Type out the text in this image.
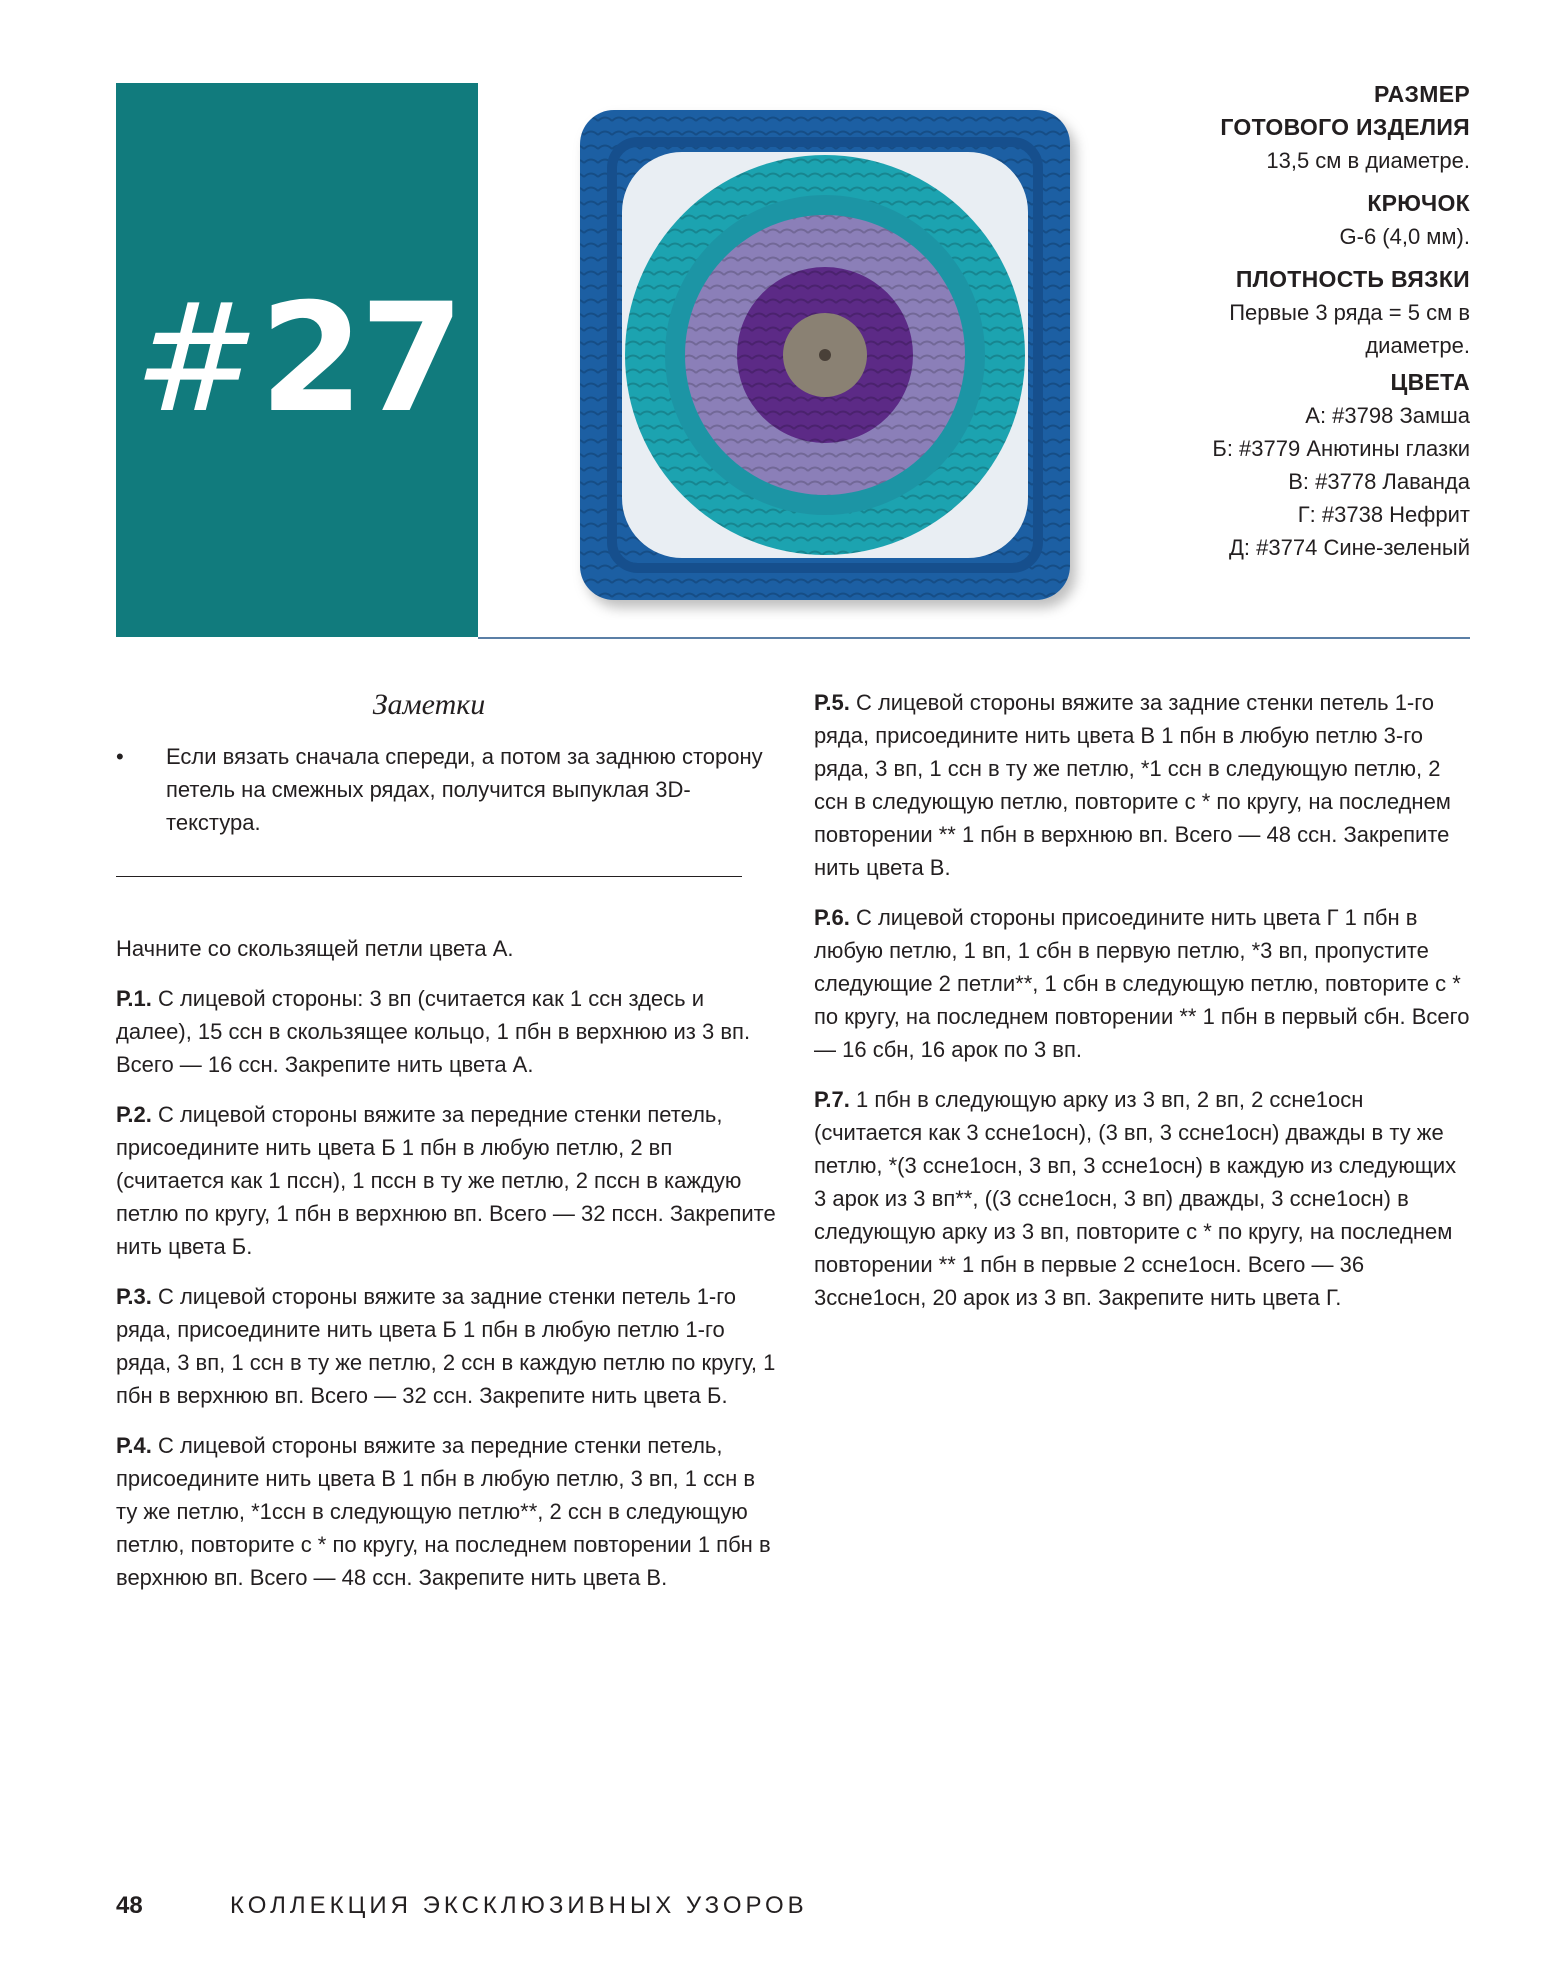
#27
РАЗМЕР
ГОТОВОГО ИЗДЕЛИЯ

13,5 см в диаметре.

КРЮЧОК

G-6 (4,0 мм).

ПЛОТНОСТЬ ВЯЗКИ

Первые 3 ряда = 5 см в
диаметре.

ЦВЕТА

А: #3798 Замша

Б: #3779 Анютины глазки

В: #3778 Лаванда

Г: #3738 Нефрит

Д: #3774 Сине-зеленый

Заметки
• Если вязать сначала спереди, а потом за заднюю сторону петель на смежных рядах, получится выпуклая 3D-текстура.

Начните со скользящей петли цвета А.

Р.1. С лицевой стороны: 3 вп (считается как 1 ссн здесь и далее), 15 ссн в скользящее кольцо, 1 пбн в верхнюю из 3 вп. Всего — 16 ссн. Закрепите нить цвета А.

Р.2. С лицевой стороны вяжите за передние стенки петель, присоедините нить цвета Б 1 пбн в любую петлю, 2 вп (считается как 1 пссн), 1 пссн в ту же петлю, 2 пссн в каждую петлю по кругу, 1 пбн в верхнюю вп. Всего — 32 пссн. Закрепите нить цвета Б.

Р.3. С лицевой стороны вяжите за задние стенки петель 1-го ряда, присоедините нить цвета Б 1 пбн в любую петлю 1-го ряда, 3 вп, 1 ссн в ту же петлю, 2 ссн в каждую петлю по кругу, 1 пбн в верхнюю вп. Всего — 32 ссн. Закрепите нить цвета Б.

Р.4. С лицевой стороны вяжите за передние стенки петель, присоедините нить цвета В 1 пбн в любую петлю, 3 вп, 1 ссн в ту же петлю, *1ссн в следующую петлю**, 2 ссн в следующую петлю, повторите с * по кругу, на последнем повторении 1 пбн в верхнюю вп. Всего — 48 ссн. Закрепите нить цвета В.

Р.5. С лицевой стороны вяжите за задние стенки петель 1-го ряда, присоедините нить цвета В 1 пбн в любую петлю 3-го ряда, 3 вп, 1 ссн в ту же петлю, *1 ссн в следующую петлю, 2 ссн в следующую петлю, повторите с * по кругу, на последнем повторении ** 1 пбн в верхнюю вп. Всего — 48 ссн. Закрепите нить цвета В.

Р.6. С лицевой стороны присоедините нить цвета Г 1 пбн в любую петлю, 1 вп, 1 сбн в первую петлю, *3 вп, пропустите следующие 2 петли**, 1 сбн в следующую петлю, повторите с * по кругу, на последнем повторении ** 1 пбн в первый сбн. Всего — 16 сбн, 16 арок по 3 вп.

Р.7. 1 пбн в следующую арку из 3 вп, 2 вп, 2 ссне1осн (считается как 3 ссне1осн), (3 вп, 3 ссне1осн) дважды в ту же петлю, *(3 ссне1осн, 3 вп, 3 ссне1осн) в каждую из следующих 3 арок из 3 вп**, ((3 ссне1осн, 3 вп) дважды, 3 ссне1осн) в следующую арку из 3 вп, повторите с * по кругу, на последнем повторении ** 1 пбн в первые 2 ссне1осн. Всего — 36 3ссне1осн, 20 арок из 3 вп. Закрепите нить цвета Г.

48	КОЛЛЕКЦИЯ ЭКСКЛЮЗИВНЫХ УЗОРОВ
